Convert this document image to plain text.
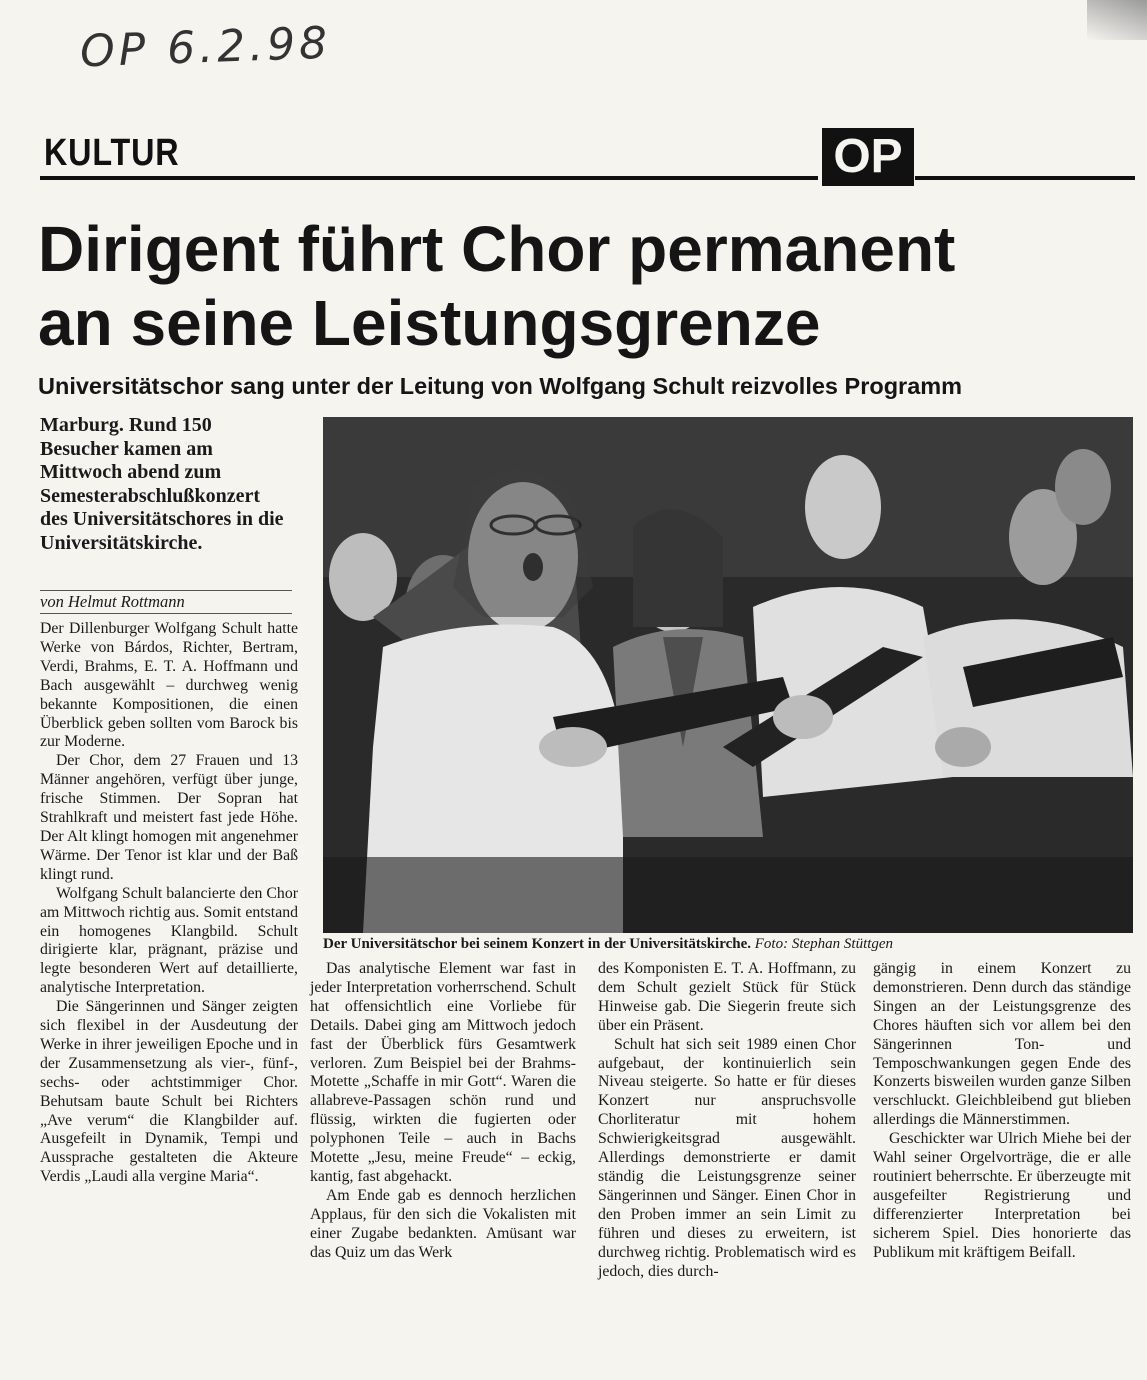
OP 6.2.98
KULTUR	OP
Dirigent führt Chor permanent
an seine Leistungsgrenze
Universitätschor sang unter der Leitung von Wolfgang Schult reizvolles Programm
Marburg. Rund 150 Besucher kamen am Mittwoch abend zum Semesterabschlußkonzert des Universitätschores in die Universitätskirche.
von Helmut Rottmann

Der Dillenburger Wolfgang Schult hatte Werke von Bárdos, Richter, Bertram, Verdi, Brahms, E. T. A. Hoffmann und Bach ausgewählt – durchweg wenig bekannte Kompositionen, die einen Überblick geben sollten vom Barock bis zur Moderne.

Der Chor, dem 27 Frauen und 13 Männer angehören, verfügt über junge, frische Stimmen. Der Sopran hat Strahlkraft und meistert fast jede Höhe. Der Alt klingt homogen mit angenehmer Wärme. Der Tenor ist klar und der Baß klingt rund.

Wolfgang Schult balancierte den Chor am Mittwoch richtig aus. Somit entstand ein homogenes Klangbild. Schult dirigierte klar, prägnant, präzise und legte besonderen Wert auf detaillierte, analytische Interpretation.

Die Sängerinnen und Sänger zeigten sich flexibel in der Ausdeutung der Werke in ihrer jeweiligen Epoche und in der Zusammensetzung als vier-, fünf-, sechs- oder achtstimmiger Chor. Behutsam baute Schult bei Richters „Ave verum“ die Klangbilder auf. Ausgefeilt in Dynamik, Tempi und Aussprache gestalteten die Akteure Verdis „Laudi alla vergine Maria“.

Der Universitätschor bei seinem Konzert in der Universitätskirche. Foto: Stephan Stüttgen

Das analytische Element war fast in jeder Interpretation vorherrschend. Schult hat offensichtlich eine Vorliebe für Details. Dabei ging am Mittwoch jedoch fast der Überblick fürs Gesamtwerk verloren. Zum Beispiel bei der Brahms-Motette „Schaffe in mir Gott“. Waren die allabreve-Passagen schön rund und flüssig, wirkten die fugierten oder polyphonen Teile – auch in Bachs Motette „Jesu, meine Freude“ – eckig, kantig, fast abgehackt.

Am Ende gab es dennoch herzlichen Applaus, für den sich die Vokalisten mit einer Zugabe bedankten. Amüsant war das Quiz um das Werk

des Komponisten E. T. A. Hoffmann, zu dem Schult gezielt Stück für Stück Hinweise gab. Die Siegerin freute sich über ein Präsent.

Schult hat sich seit 1989 einen Chor aufgebaut, der kontinuierlich sein Niveau steigerte. So hatte er für dieses Konzert nur anspruchsvolle Chorliteratur mit hohem Schwierigkeitsgrad ausgewählt. Allerdings demonstrierte er damit ständig die Leistungsgrenze seiner Sängerinnen und Sänger. Einen Chor in den Proben immer an sein Limit zu führen und dieses zu erweitern, ist durchweg richtig. Problematisch wird es jedoch, dies durch-

gängig in einem Konzert zu demonstrieren. Denn durch das ständige Singen an der Leistungsgrenze des Chores häuften sich vor allem bei den Sängerinnen Ton- und Temposchwankungen gegen Ende des Konzerts bisweilen wurden ganze Silben verschluckt. Gleichbleibend gut blieben allerdings die Männerstimmen.

Geschickter war Ulrich Miehe bei der Wahl seiner Orgelvorträge, die er alle routiniert beherrschte. Er überzeugte mit ausgefeilter Registrierung und differenzierter Interpretation bei sicherem Spiel. Dies honorierte das Publikum mit kräftigem Beifall.
